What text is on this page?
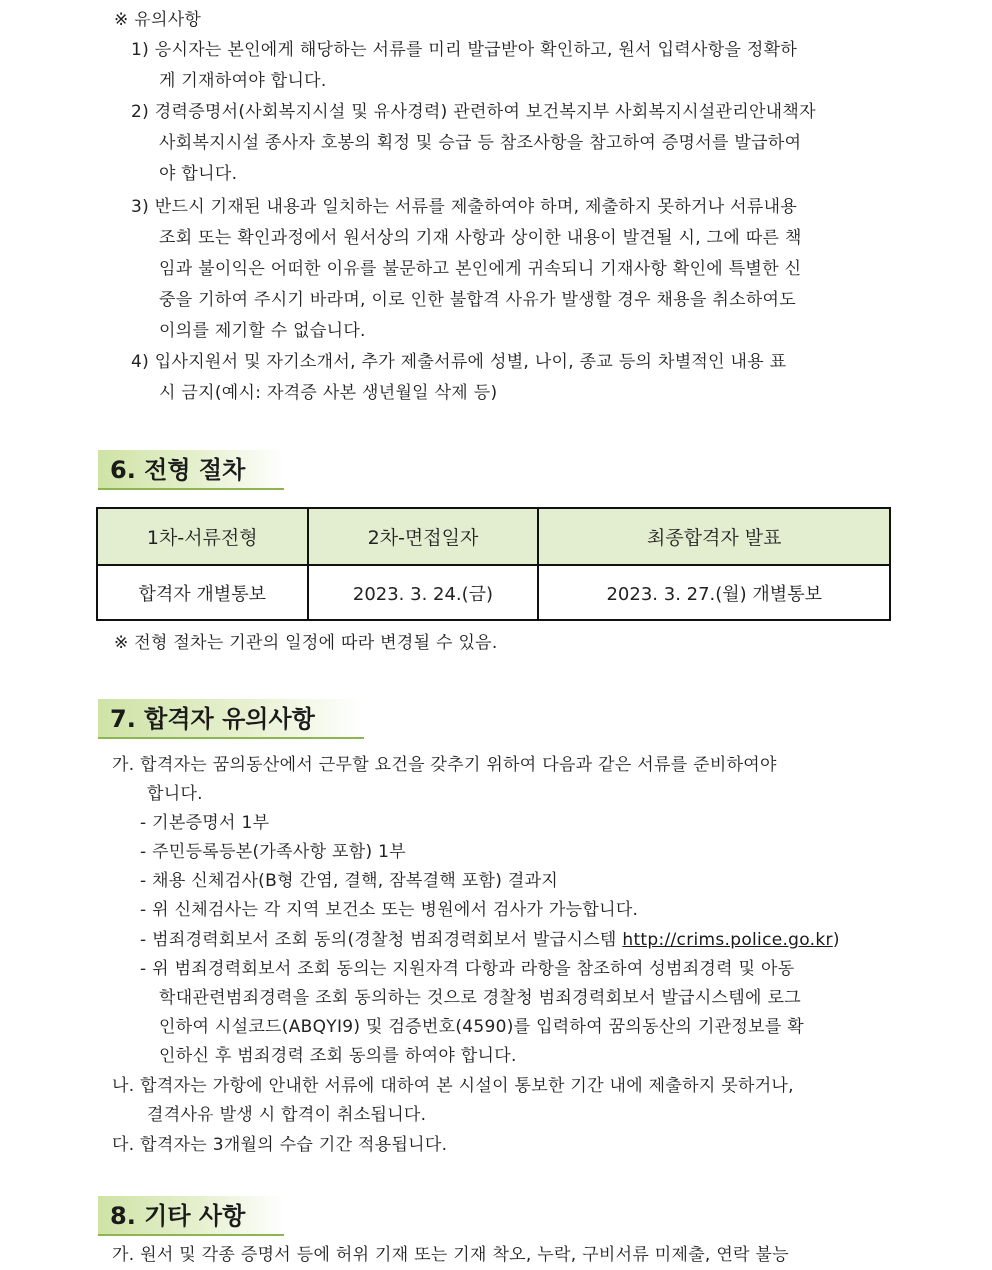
※ 유의사항
1) 응시자는 본인에게 해당하는 서류를 미리 발급받아 확인하고, 원서 입력사항을 정확하
게 기재하여야 합니다.
2) 경력증명서(사회복지시설 및 유사경력) 관련하여 보건복지부 사회복지시설관리안내책자
사회복지시설 종사자 호봉의 획정 및 승급 등 참조사항을 참고하여 증명서를 발급하여
야 합니다.
3) 반드시 기재된 내용과 일치하는 서류를 제출하여야 하며, 제출하지 못하거나 서류내용
조회 또는 확인과정에서 원서상의 기재 사항과 상이한 내용이 발견될 시, 그에 따른 책
임과 불이익은 어떠한 이유를 불문하고 본인에게 귀속되니 기재사항 확인에 특별한 신
중을 기하여 주시기 바라며, 이로 인한 불합격 사유가 발생할 경우 채용을 취소하여도
이의를 제기할 수 없습니다.
4) 입사지원서 및 자기소개서, 추가 제출서류에 성별, 나이, 종교 등의 차별적인 내용 표
시 금지(예시: 자격증 사본 생년월일 삭제 등)
6. 전형 절차
1차-서류전형	2차-면접일자	최종합격자 발표
합격자 개별통보	2023. 3. 24.(금)	2023. 3. 27.(월) 개별통보
※ 전형 절차는 기관의 일정에 따라 변경될 수 있음.
7. 합격자 유의사항
가. 합격자는 꿈의동산에서 근무할 요건을 갖추기 위하여 다음과 같은 서류를 준비하여야
합니다.
- 기본증명서 1부
- 주민등록등본(가족사항 포함) 1부
- 채용 신체검사(B형 간염, 결핵, 잠복결핵 포함) 결과지
- 위 신체검사는 각 지역 보건소 또는 병원에서 검사가 가능합니다.
- 범죄경력회보서 조회 동의(경찰청 범죄경력회보서 발급시스템 http://crims.police.go.kr)
- 위 범죄경력회보서 조회 동의는 지원자격 다항과 라항을 참조하여 성범죄경력 및 아동
학대관련범죄경력을 조회 동의하는 것으로 경찰청 범죄경력회보서 발급시스템에 로그
인하여 시설코드(ABQYI9) 및 검증번호(4590)를 입력하여 꿈의동산의 기관정보를 확
인하신 후 범죄경력 조회 동의를 하여야 합니다.
나. 합격자는 가항에 안내한 서류에 대하여 본 시설이 통보한 기간 내에 제출하지 못하거나,
결격사유 발생 시 합격이 취소됩니다.
다. 합격자는 3개월의 수습 기간 적용됩니다.
8. 기타 사항
가. 원서 및 각종 증명서 등에 허위 기재 또는 기재 착오, 누락, 구비서류 미제출, 연락 불능
